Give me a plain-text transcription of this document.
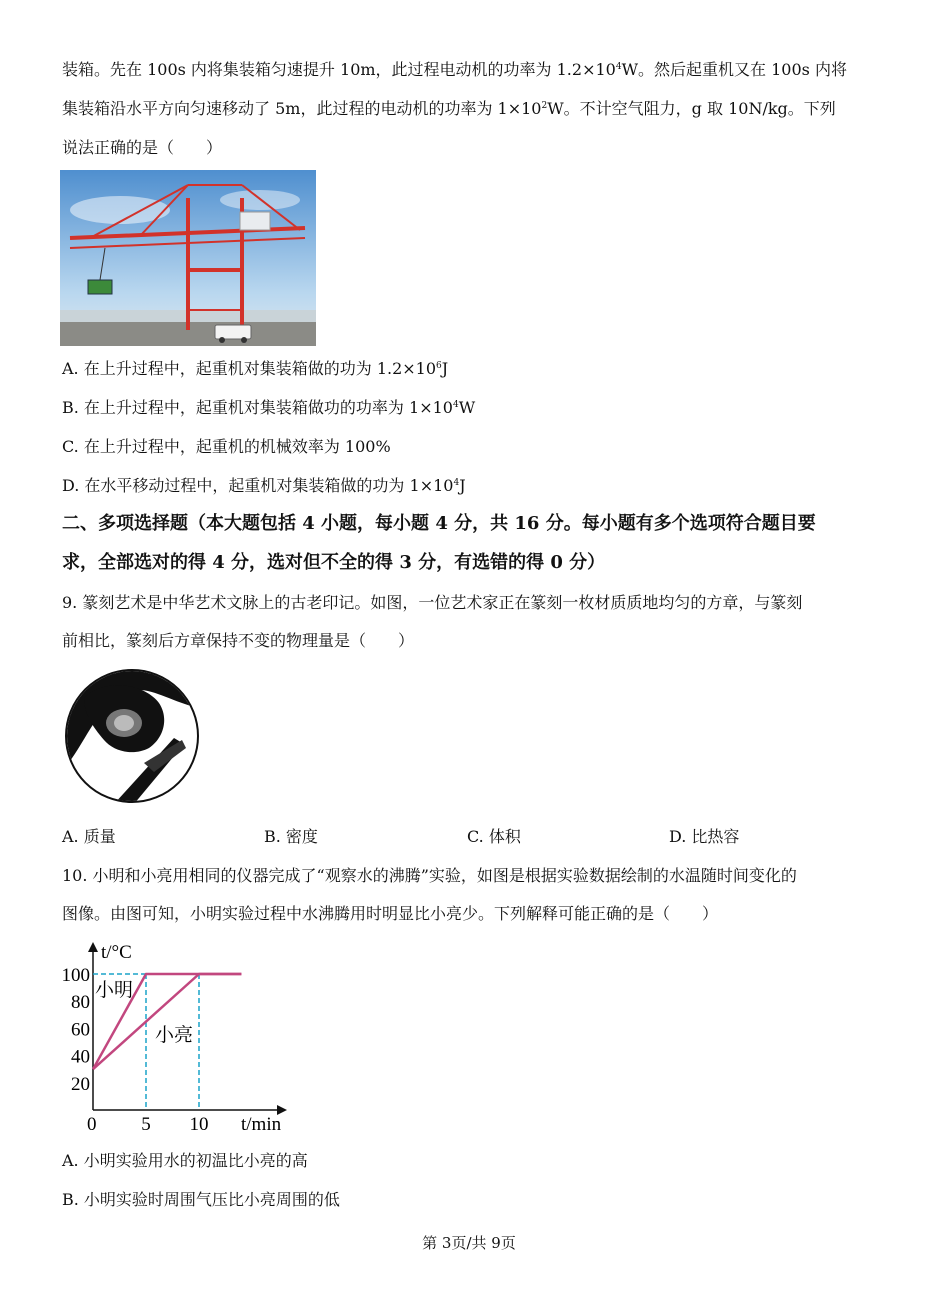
装箱。先在 100s 内将集装箱匀速提升 10m，此过程电动机的功率为 $1.2\times 10^4W$。然后起重机又在 100s 内将
集装箱沿水平方向匀速移动了 5m，此过程的电动机的功率为 $1\times 10^2W$。不计空气阻力，g 取 10N/kg。下列
说法正确的是（　　）
A. 在上升过程中，起重机对集装箱做的功为 $1.2\times 10^6J$
B. 在上升过程中，起重机对集装箱做功的功率为 $1\times 10^4W$
C. 在上升过程中，起重机的机械效率为 100%
D. 在水平移动过程中，起重机对集装箱做的功为 $1\times 10^4J$
二、多项选择题（本大题包括 4 小题，每小题 4 分，共 16 分。每小题有多个选项符合题目要
求，全部选对的得 4 分，选对但不全的得 3 分，有选错的得 0 分）
9. 篆刻艺术是中华艺术文脉上的古老印记。如图，一位艺术家正在篆刻一枚材质质地均匀的方章，与篆刻
前相比，篆刻后方章保持不变的物理量是（　　）
A. 质量	B. 密度	C. 体积	D. 比热容
10. 小明和小亮用相同的仪器完成了“观察水的沸腾”实验，如图是根据实验数据绘制的水温随时间变化的
图像。由图可知，小明实验过程中水沸腾用时明显比小亮少。下列解释可能正确的是（　　）
t/°C
t/min
0
20
40
60
80
100
5 10
小明
小亮
A. 小明实验用水的初温比小亮的高
B. 小明实验时周围气压比小亮周围的低
第 3页/共 9页
